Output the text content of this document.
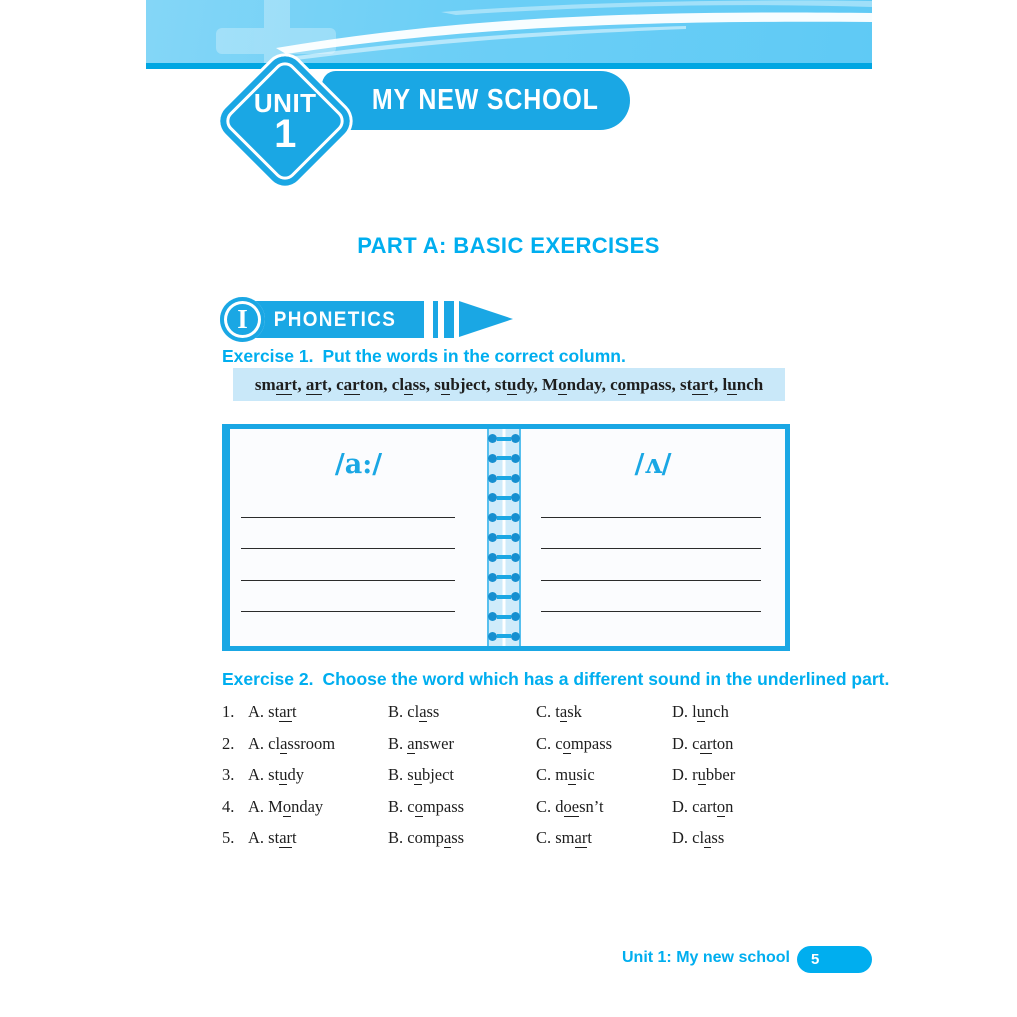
MY NEW SCHOOL
UNIT
1
PART A: BASIC EXERCISES
PHONETICS
I
Exercise 1. Put the words in the correct column.
smart, art, carton, class, subject, study, Monday, compass, start, lunch
/a:/	/ʌ/
Exercise 2. Choose the word which has a different sound in the underlined part.
1. A. start	B. class	C. task	D. lunch
2. A. classroom	B. answer	C. compass	D. carton
3. A. study	B. subject	C. music	D. rubber
4. A. Monday	B. compass	C. doesn’t	D. carton
5. A. start	B. compass	C. smart	D. class
Unit 1: My new school	5
